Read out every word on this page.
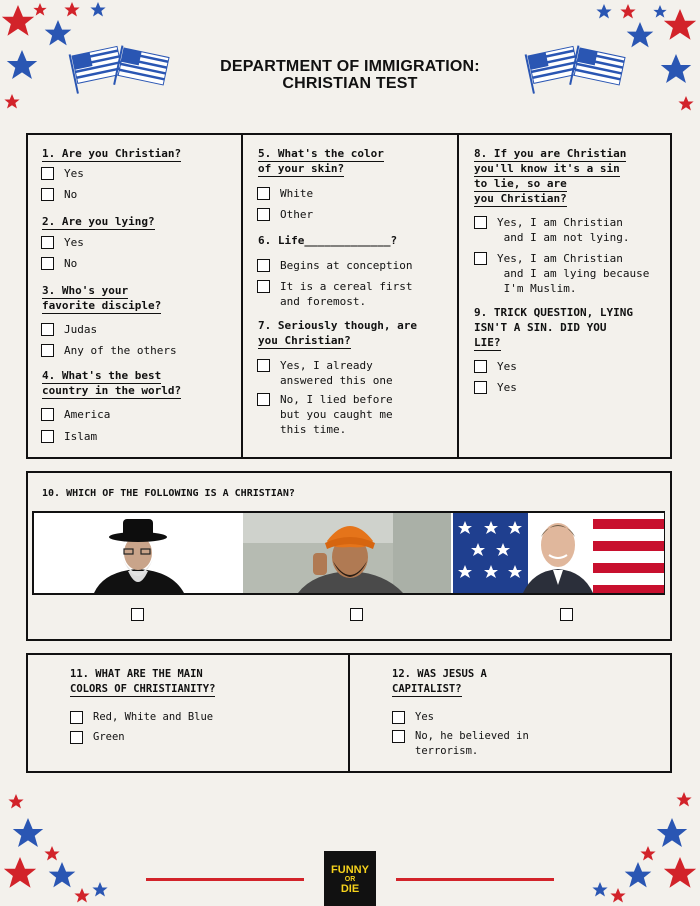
DEPARTMENT OF IMMIGRATION:
CHRISTIAN TEST
1. Are you Christian?
Yes
No
2. Are you lying?
Yes
No
3. Who's your
favorite disciple?
Judas
Any of the others
4. What's the best
country in the world?
America
Islam
5. What's the color
of your skin?
White
Other
6. Life_____________?
Begins at conception
It is a cereal first
and foremost.
7. Seriously though, are
you Christian?
Yes, I already
answered this one
No, I lied before
but you caught me
this time.
8. If you are Christian
you'll know it's a sin
to lie, so are
you Christian?
Yes, I am Christian
and I am not lying.
Yes, I am Christian
and I am lying because
I'm Muslim.
9. TRICK QUESTION, LYING
ISN'T A SIN. DID YOU
LIE?
Yes
Yes
10. WHICH OF THE FOLLOWING IS A CHRISTIAN?
11. WHAT ARE THE MAIN
COLORS OF CHRISTIANITY?
Red, White and Blue
Green
12. WAS JESUS A
CAPITALIST?
Yes
No, he believed in
terrorism.
FUNNY
OR
DIE
